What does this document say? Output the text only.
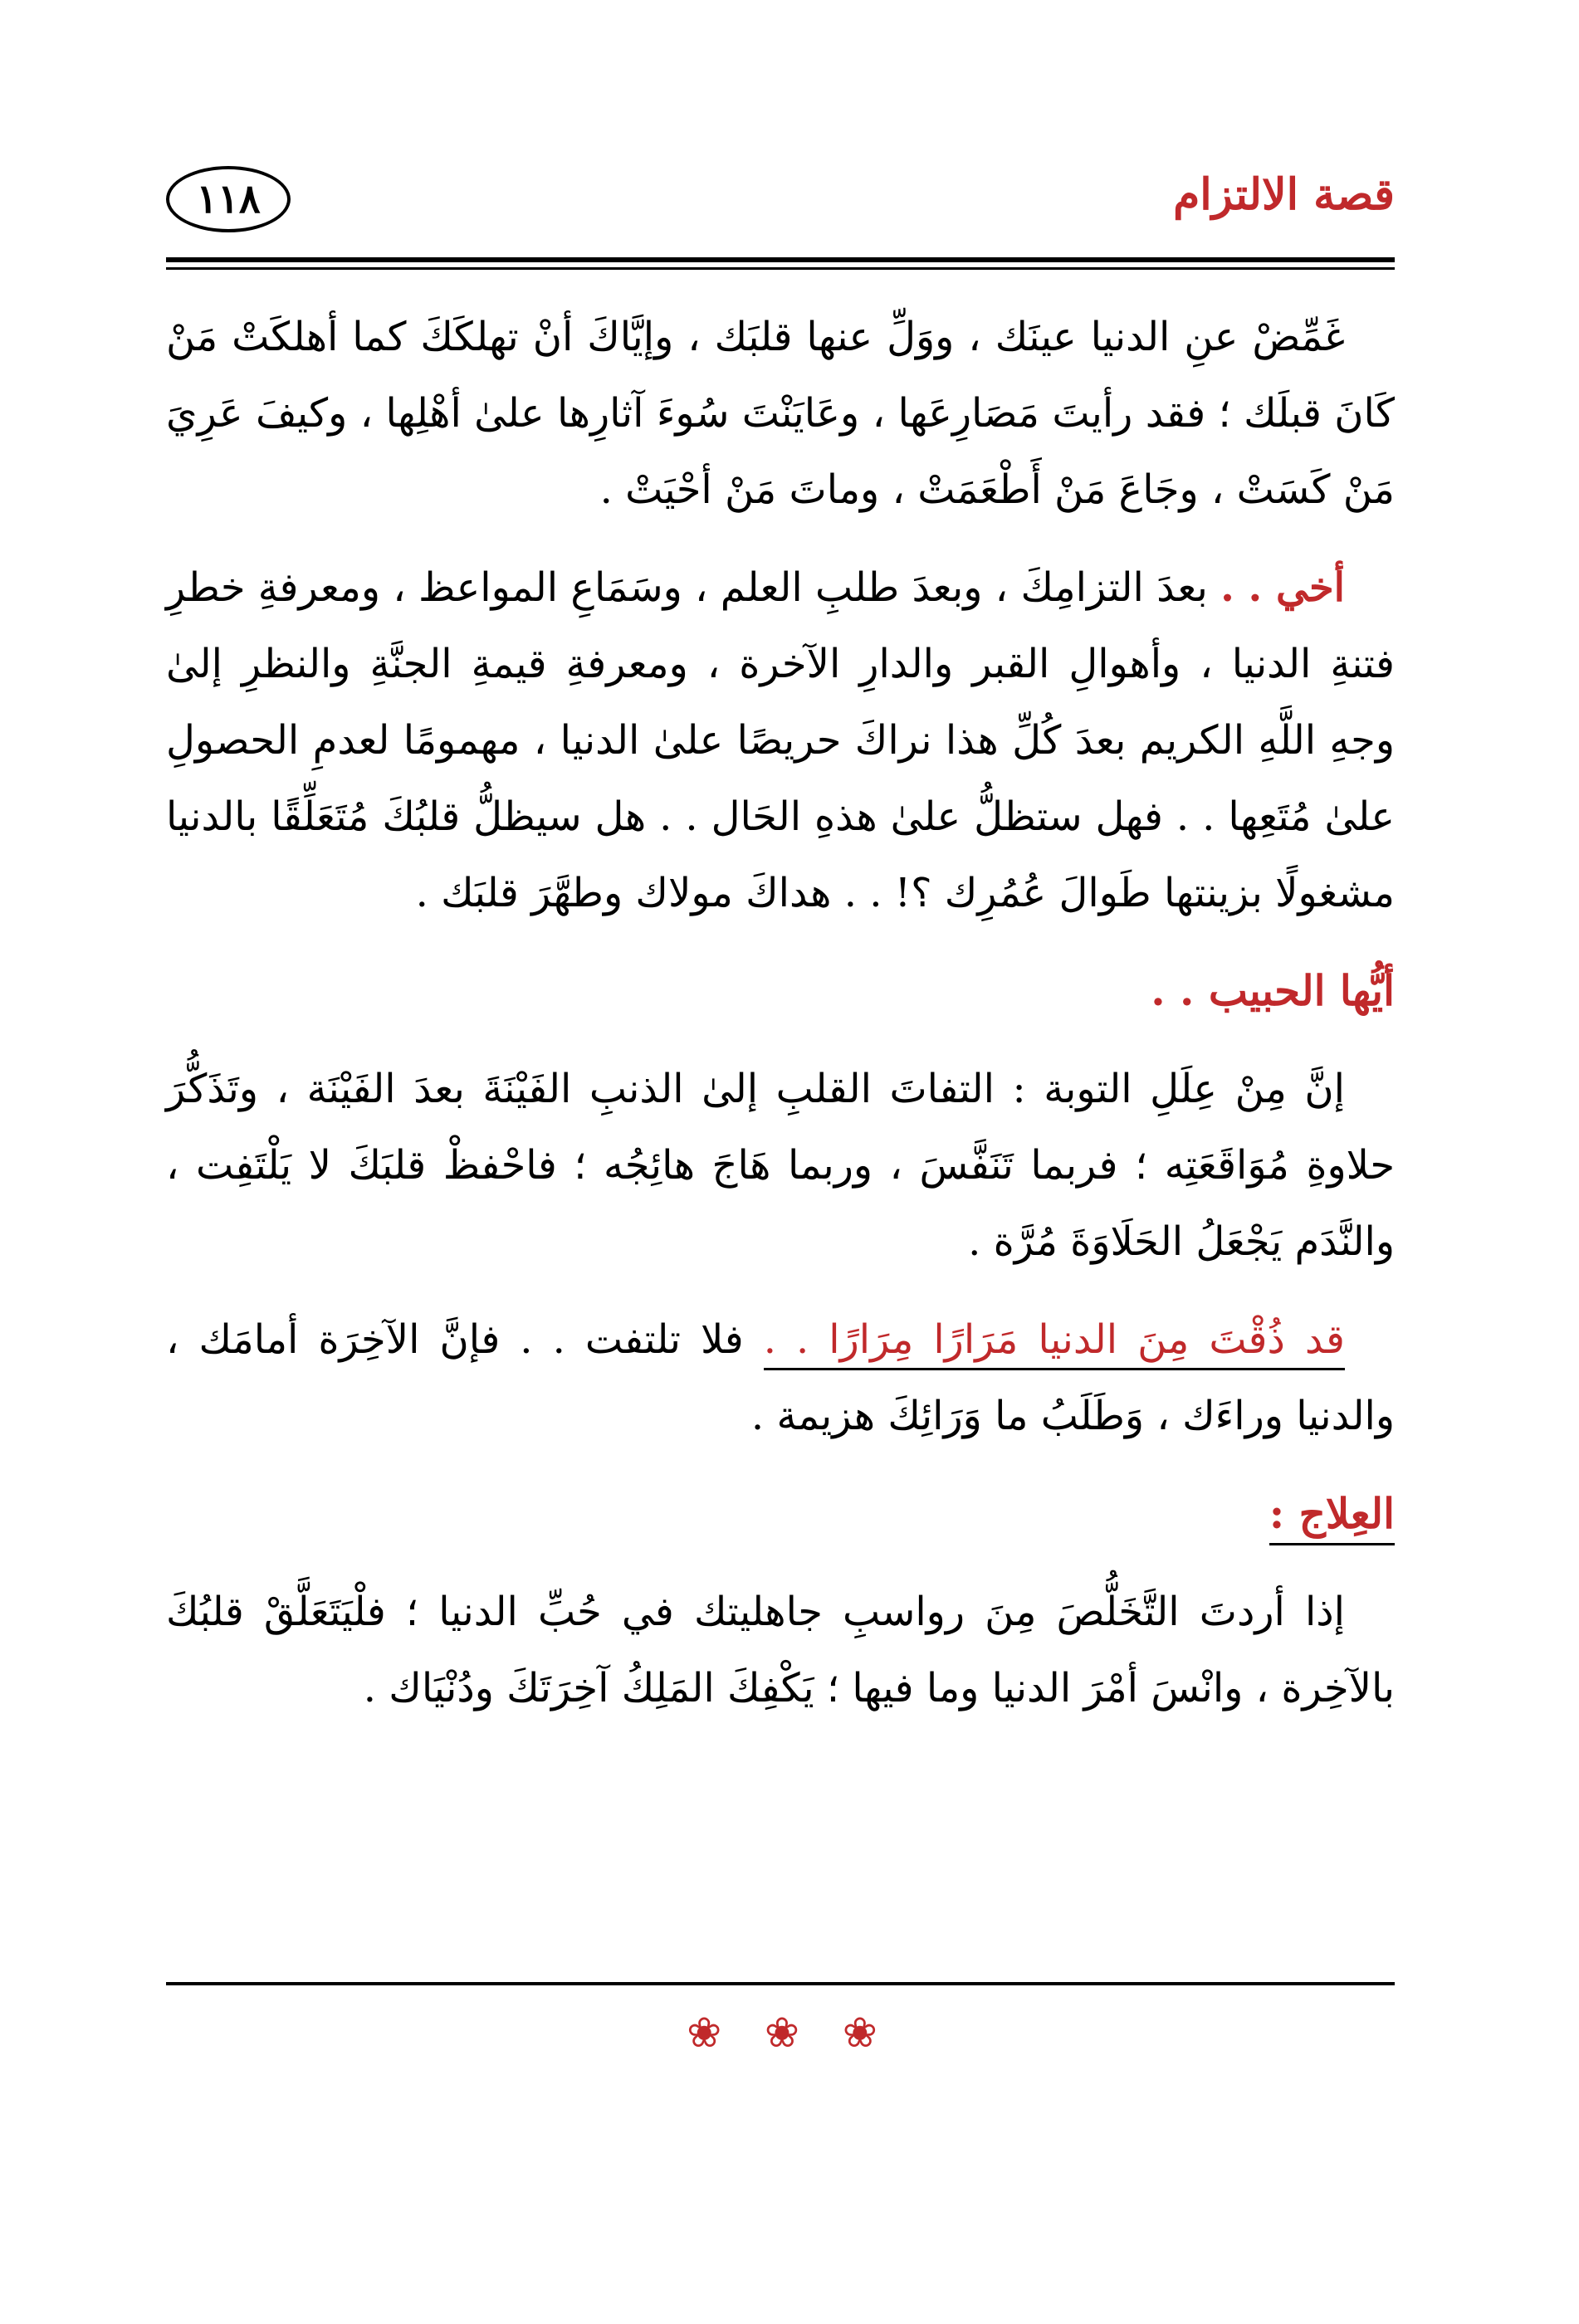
قصة الالتزام
١١٨

غَمِّضْ عنِ الدنيا عينَك ، ووَلِّ عنها قلبَك ، وإيَّاكَ أنْ تهلكَكَ كما أهلكَتْ مَنْ كَانَ قبلَك ؛ فقد رأيتَ مَصَارِعَها ، وعَايَنْتَ سُوءَ آثارِها علىٰ أهْلِها ، وكيفَ عَرِيَ مَنْ كَسَتْ ، وجَاعَ مَنْ أَطْعَمَتْ ، وماتَ مَنْ أحْيَتْ .

أخي . . بعدَ التزامِكَ ، وبعدَ طلبِ العلم ، وسَمَاعِ المواعظ ، ومعرفةِ خطرِ فتنةِ الدنيا ، وأهوالِ القبر والدارِ الآخرة ، ومعرفةِ قيمةِ الجنَّةِ والنظرِ إلىٰ وجهِ اللَّهِ الكريم بعدَ كُلِّ هذا نراكَ حريصًا علىٰ الدنيا ، مهمومًا لعدمِ الحصولِ علىٰ مُتَعِها . . فهل ستظلُّ علىٰ هذهِ الحَال . . هل سيظلُّ قلبُكَ مُتَعَلِّقًا بالدنيا مشغولًا بزينتها طَوالَ عُمُرِك ؟! . . هداكَ مولاك وطهَّرَ قلبَك .

أيُّها الحبيب . .

إنَّ مِنْ عِلَلِ التوبة : التفاتَ القلبِ إلىٰ الذنبِ الفَيْنَةَ بعدَ الفَيْنَة ، وتَذَكُّرَ حلاوةِ مُوَاقَعَتِه ؛ فربما تَنَفَّسَ ، وربما هَاجَ هائِجُه ؛ فاحْفظْ قلبَكَ لا يَلْتَفِت ، والنَّدَم يَجْعَلُ الحَلَاوَةَ مُرَّة .

قد ذُقْتَ مِنَ الدنيا مَرَارًا مِرَارًا . . فلا تلتفت . . فإنَّ الآخِرَة أمامَك ، والدنيا وراءَك ، وَطَلَبُ ما وَرَائِكَ هزيمة .

العِلاج :

إذا أردتَ التَّخَلُّصَ مِنَ رواسبِ جاهليتك في حُبِّ الدنيا ؛ فلْيَتَعَلَّقْ قلبُكَ بالآخِرة ، وانْسَ أمْرَ الدنيا وما فيها ؛ يَكْفِكَ المَلِكُ آخِرَتَكَ ودُنْيَاك .

❀ ❀ ❀
